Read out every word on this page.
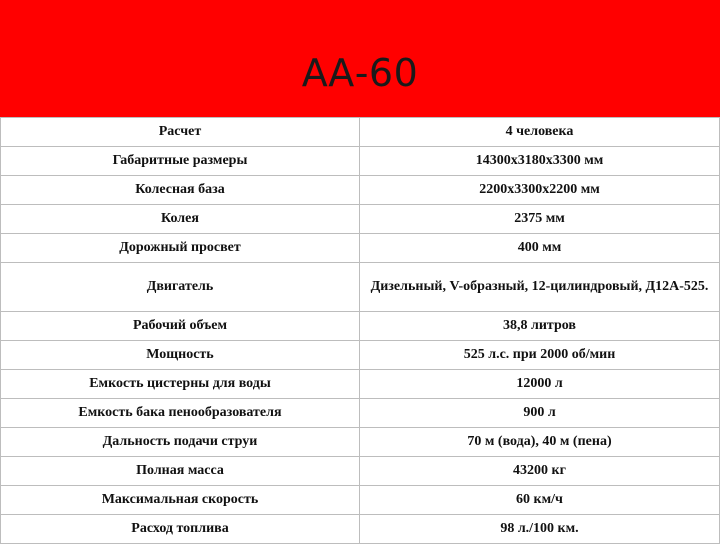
АА-60
Расчет	4 человека
Габаритные размеры	14300x3180x3300 мм
Колесная база	2200x3300x2200 мм
Колея	2375 мм
Дорожный просвет	400 мм
Двигатель	Дизельный, V-образный, 12-цилиндровый, Д12А-525.
Рабочий объем	38,8 литров
Мощность	525 л.с. при 2000 об/мин
Емкость цистерны для воды	12000 л
Емкость бака пенообразователя	900 л
Дальность подачи струи	70 м (вода), 40 м (пена)
Полная масса	43200 кг
Максимальная скорость	60 км/ч
Расход топлива	98 л./100 км.
